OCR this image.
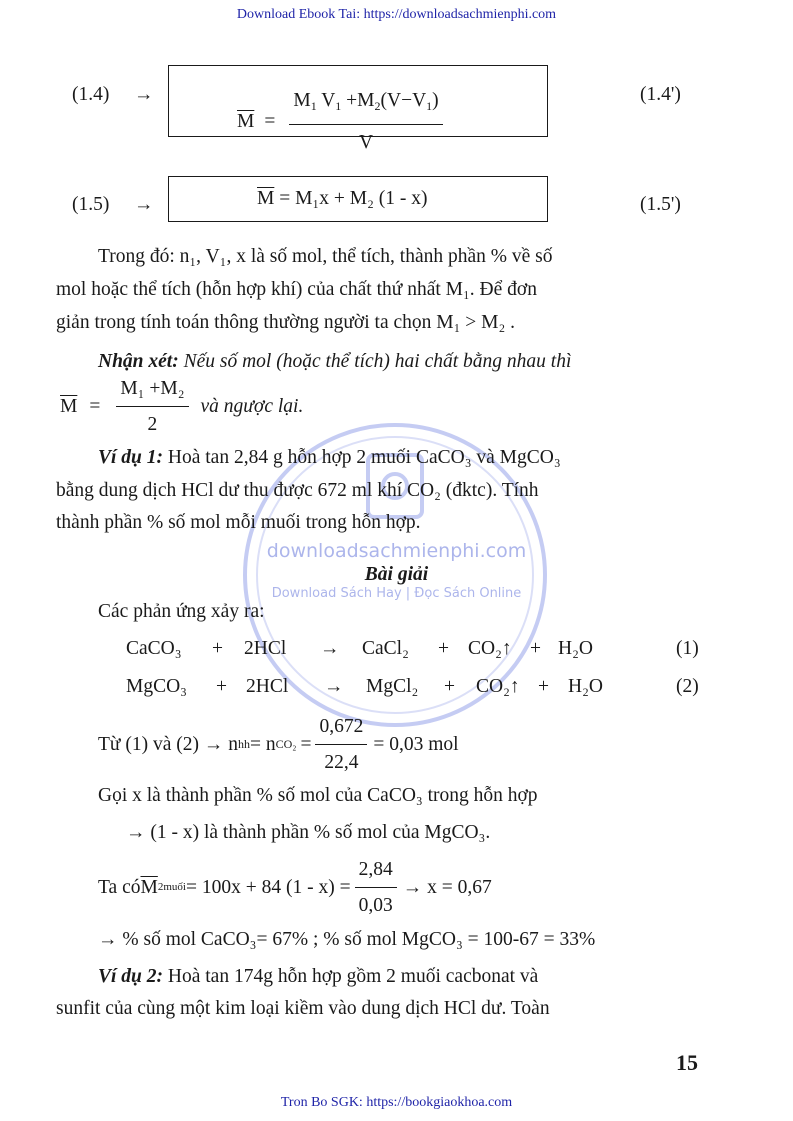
Download Ebook Tai: https://downloadsachmienphi.com
Tron Bo SGK: https://bookgiaokhoa.com
downloadsachmienphi.com
Download Sách Hay | Đọc Sách Online
(1.4) →
$\overline{M} = \frac{M_1 V_1 +M_2(V-V_1)}{V}$	(1.4')
(1.5) →	$\overline{M} = M_1x + M_2$ (1 - x)	(1.5')
Trong đó: n₁, V₁, x là số mol, thể tích, thành phần % về số
mol hoặc thể tích (hỗn hợp khí) của chất thứ nhất M₁. Để đơn
giản trong tính toán thông thường người ta chọn M₁ > M₂ .
Nhận xét: Nếu số mol (hoặc thể tích) hai chất bằng nhau thì
$\overline{M} = \frac{\text{M₁ +M₂}}{2}$ và ngược lại.
Ví dụ 1: Hoà tan 2,84 g hỗn hợp 2 muối CaCO₃ và MgCO₃
bằng dung dịch HCl dư thu được 672 ml khí CO₂ (đktc). Tính
thành phần % số mol mỗi muối trong hỗn hợp.
Bài giải
Các phản ứng xảy ra:
CaCO₃ + 2HCl → CaCl₂ + CO₂↑ + H₂O	(1)
MgCO₃ + 2HCl → MgCl₂ + CO₂↑ + H₂O	(2)
Từ (1) và (2) → n hh = n $CO_2 = \frac{0,672}{22,4} = 0,03$ mol
Gọi x là thành phần % số mol của CaCO₃ trong hỗn hợp
→ (1 - x) là thành phần % số mol của MgCO₃.
Ta có $\overline{M}$ 2muối = 100x + 84 $(1 - x) = \frac{2,84}{0,03} \to x = 0,67$
→ % số mol CaCO₃= 67% ; % số mol MgCO₃ = 100-67 = 33%
Ví dụ 2: Hoà tan 174g hỗn hợp gồm 2 muối cacbonat và
sunfit của cùng một kim loại kiềm vào dung dịch HCl dư. Toàn
15
